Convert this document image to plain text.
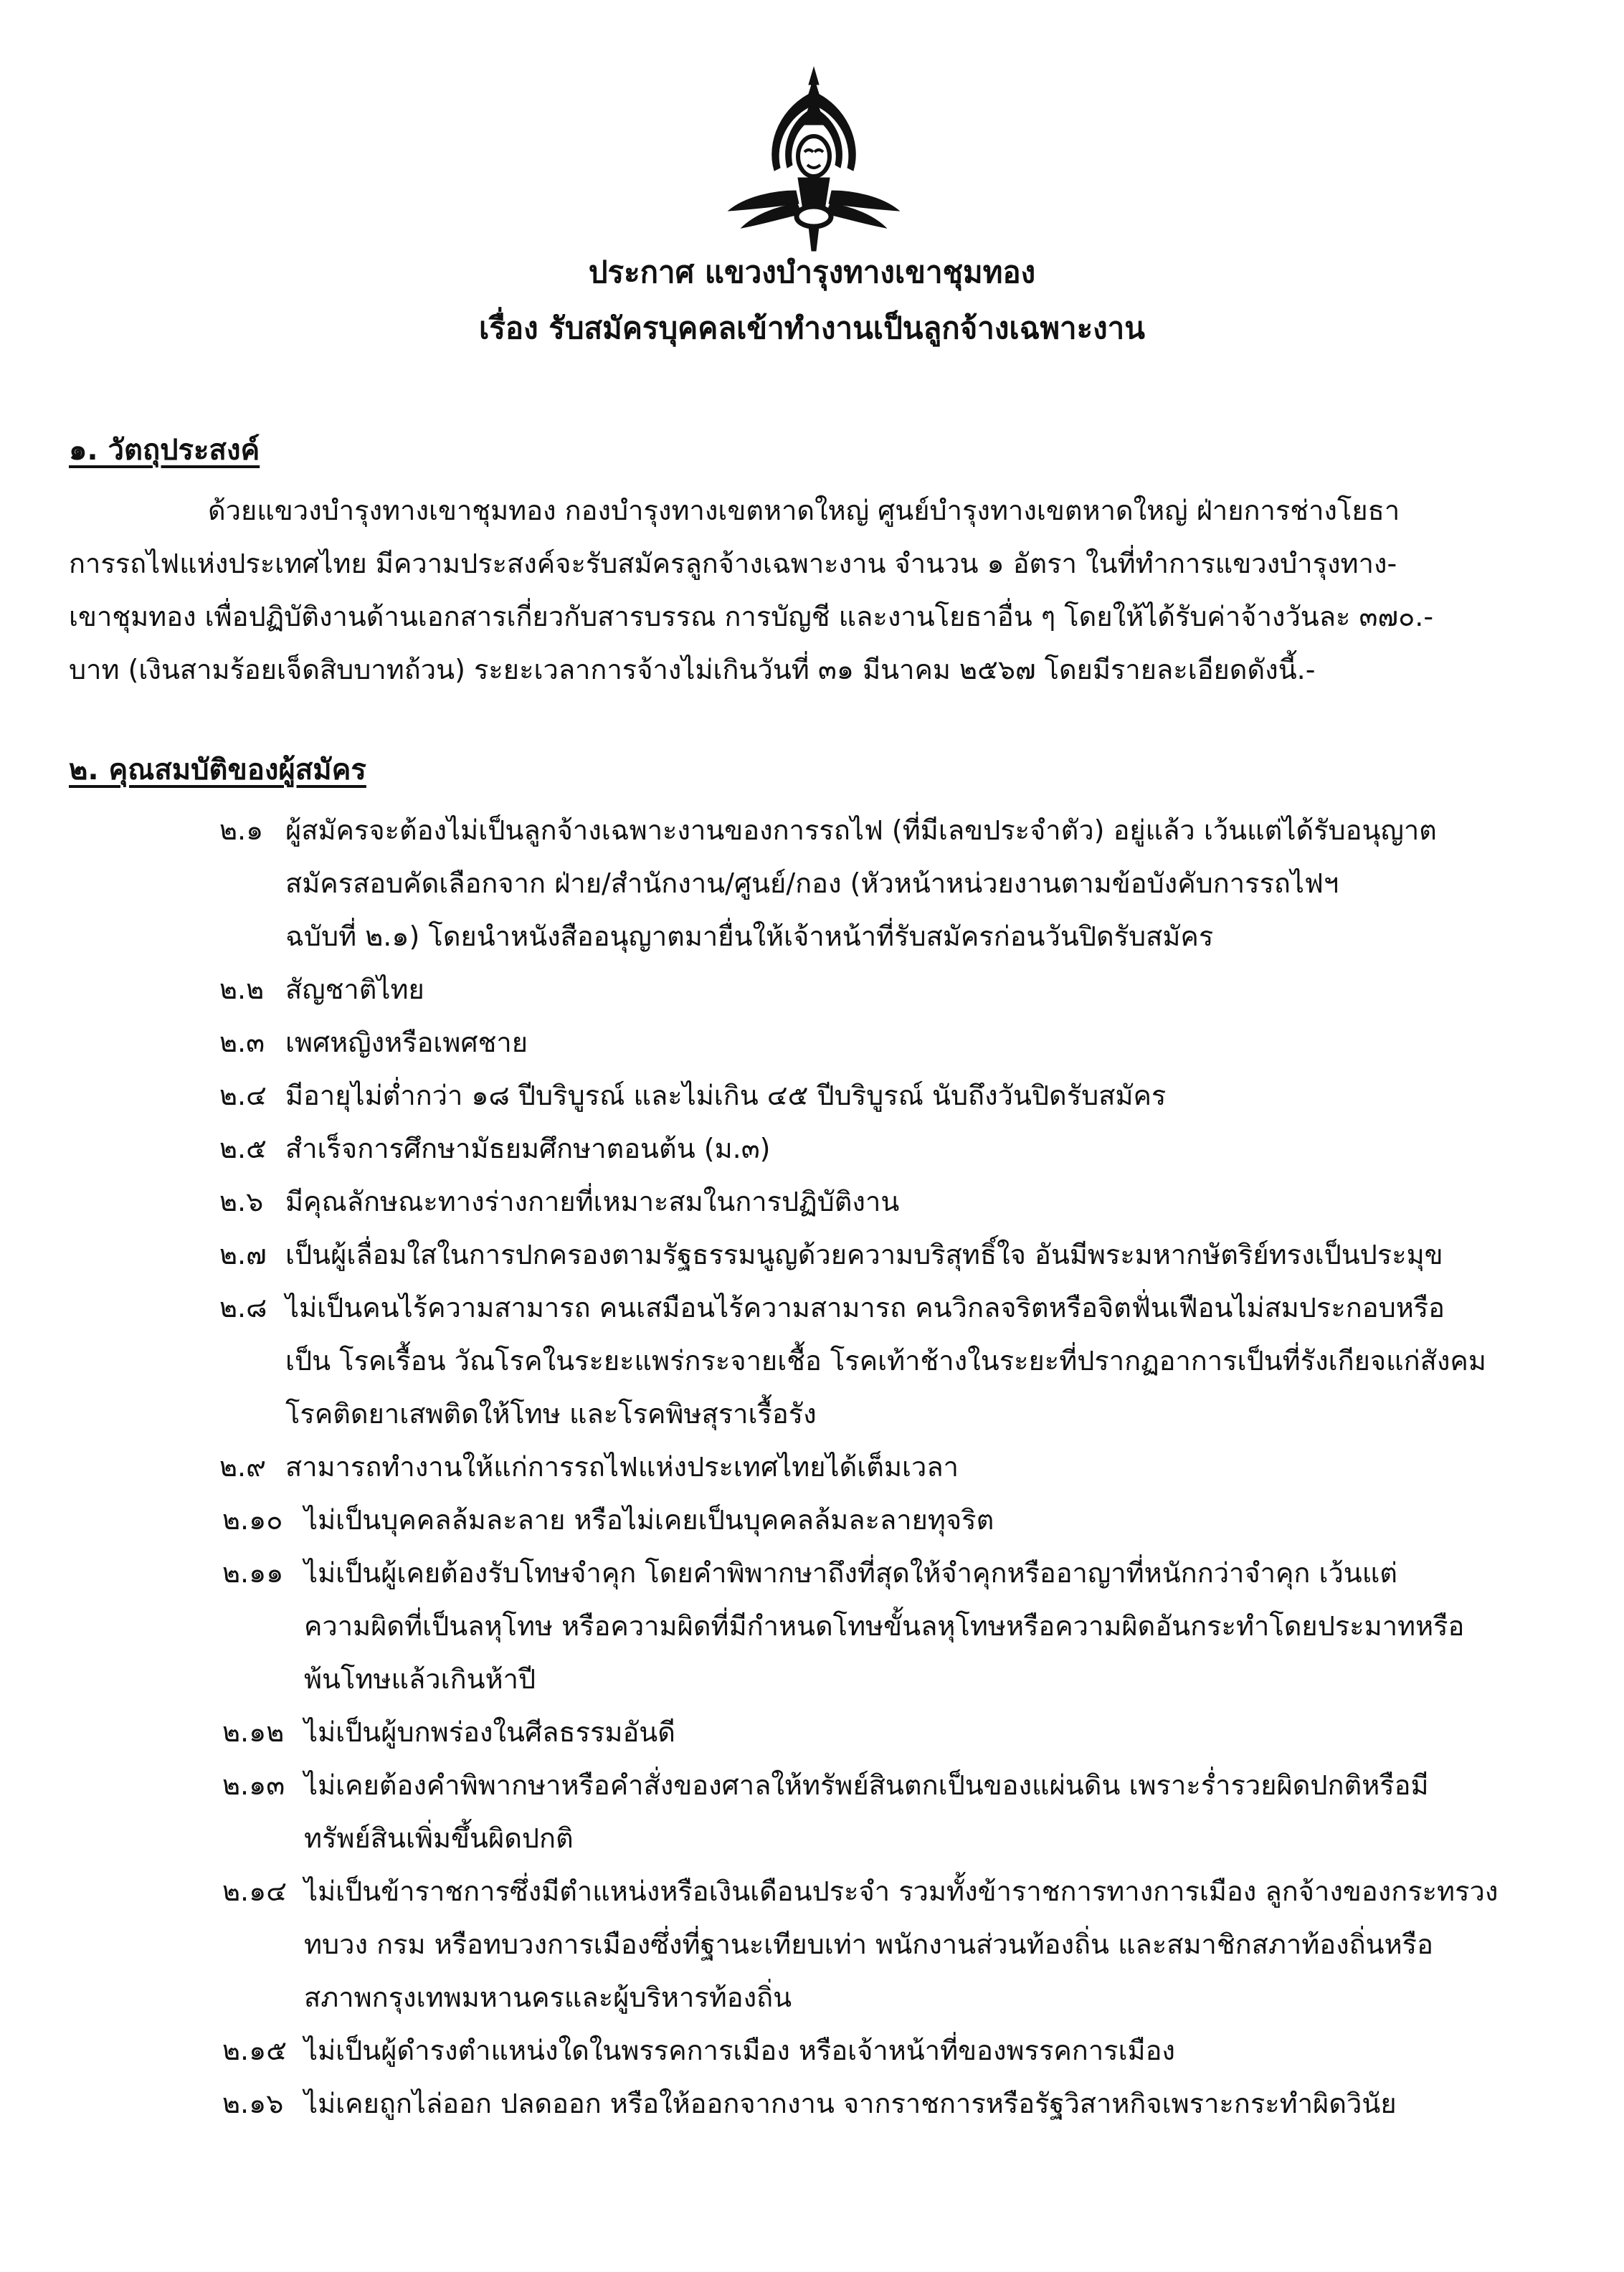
ประกาศ แขวงบำรุงทางเขาชุมทอง
เรื่อง รับสมัครบุคคลเข้าทำงานเป็นลูกจ้างเฉพาะงาน
๑. วัตถุประสงค์
ด้วยแขวงบำรุงทางเขาชุมทอง กองบำรุงทางเขตหาดใหญ่ ศูนย์บำรุงทางเขตหาดใหญ่ ฝ่ายการช่างโยธา
การรถไฟแห่งประเทศไทย มีความประสงค์จะรับสมัครลูกจ้างเฉพาะงาน จำนวน ๑ อัตรา ในที่ทำการแขวงบำรุงทาง-
เขาชุมทอง เพื่อปฏิบัติงานด้านเอกสารเกี่ยวกับสารบรรณ การบัญชี และงานโยธาอื่น ๆ โดยให้ได้รับค่าจ้างวันละ ๓๗๐.-
บาท (เงินสามร้อยเจ็ดสิบบาทถ้วน) ระยะเวลาการจ้างไม่เกินวันที่ ๓๑ มีนาคม ๒๕๖๗ โดยมีรายละเอียดดังนี้.-
๒. คุณสมบัติของผู้สมัคร
๒.๑ ผู้สมัครจะต้องไม่เป็นลูกจ้างเฉพาะงานของการรถไฟ (ที่มีเลขประจำตัว) อยู่แล้ว เว้นแต่ได้รับอนุญาต
สมัครสอบคัดเลือกจาก ฝ่าย/สำนักงาน/ศูนย์/กอง (หัวหน้าหน่วยงานตามข้อบังคับการรถไฟฯ
ฉบับที่ ๒.๑) โดยนำหนังสืออนุญาตมายื่นให้เจ้าหน้าที่รับสมัครก่อนวันปิดรับสมัคร
๒.๒ สัญชาติไทย
๒.๓ เพศหญิงหรือเพศชาย
๒.๔ มีอายุไม่ต่ำกว่า ๑๘ ปีบริบูรณ์ และไม่เกิน ๔๕ ปีบริบูรณ์ นับถึงวันปิดรับสมัคร
๒.๕ สำเร็จการศึกษามัธยมศึกษาตอนต้น (ม.๓)
๒.๖ มีคุณลักษณะทางร่างกายที่เหมาะสมในการปฏิบัติงาน
๒.๗ เป็นผู้เลื่อมใสในการปกครองตามรัฐธรรมนูญด้วยความบริสุทธิ์ใจ อันมีพระมหากษัตริย์ทรงเป็นประมุข
๒.๘ ไม่เป็นคนไร้ความสามารถ คนเสมือนไร้ความสามารถ คนวิกลจริตหรือจิตฟั่นเฟือนไม่สมประกอบหรือ
เป็น โรคเรื้อน วัณโรคในระยะแพร่กระจายเชื้อ โรคเท้าช้างในระยะที่ปรากฏอาการเป็นที่รังเกียจแก่สังคม
โรคติดยาเสพติดให้โทษ และโรคพิษสุราเรื้อรัง
๒.๙ สามารถทำงานให้แก่การรถไฟแห่งประเทศไทยได้เต็มเวลา
๒.๑๐ ไม่เป็นบุคคลล้มละลาย หรือไม่เคยเป็นบุคคลล้มละลายทุจริต
๒.๑๑ ไม่เป็นผู้เคยต้องรับโทษจำคุก โดยคำพิพากษาถึงที่สุดให้จำคุกหรืออาญาที่หนักกว่าจำคุก เว้นแต่
ความผิดที่เป็นลหุโทษ หรือความผิดที่มีกำหนดโทษขั้นลหุโทษหรือความผิดอันกระทำโดยประมาทหรือ
พ้นโทษแล้วเกินห้าปี
๒.๑๒ ไม่เป็นผู้บกพร่องในศีลธรรมอันดี
๒.๑๓ ไม่เคยต้องคำพิพากษาหรือคำสั่งของศาลให้ทรัพย์สินตกเป็นของแผ่นดิน เพราะร่ำรวยผิดปกติหรือมี
ทรัพย์สินเพิ่มขึ้นผิดปกติ
๒.๑๔ ไม่เป็นข้าราชการซึ่งมีตำแหน่งหรือเงินเดือนประจำ รวมทั้งข้าราชการทางการเมือง ลูกจ้างของกระทรวง
ทบวง กรม หรือทบวงการเมืองซึ่งที่ฐานะเทียบเท่า พนักงานส่วนท้องถิ่น และสมาชิกสภาท้องถิ่นหรือ
สภาพกรุงเทพมหานครและผู้บริหารท้องถิ่น
๒.๑๕ ไม่เป็นผู้ดำรงตำแหน่งใดในพรรคการเมือง หรือเจ้าหน้าที่ของพรรคการเมือง
๒.๑๖ ไม่เคยถูกไล่ออก ปลดออก หรือให้ออกจากงาน จากราชการหรือรัฐวิสาหกิจเพราะกระทำผิดวินัย
